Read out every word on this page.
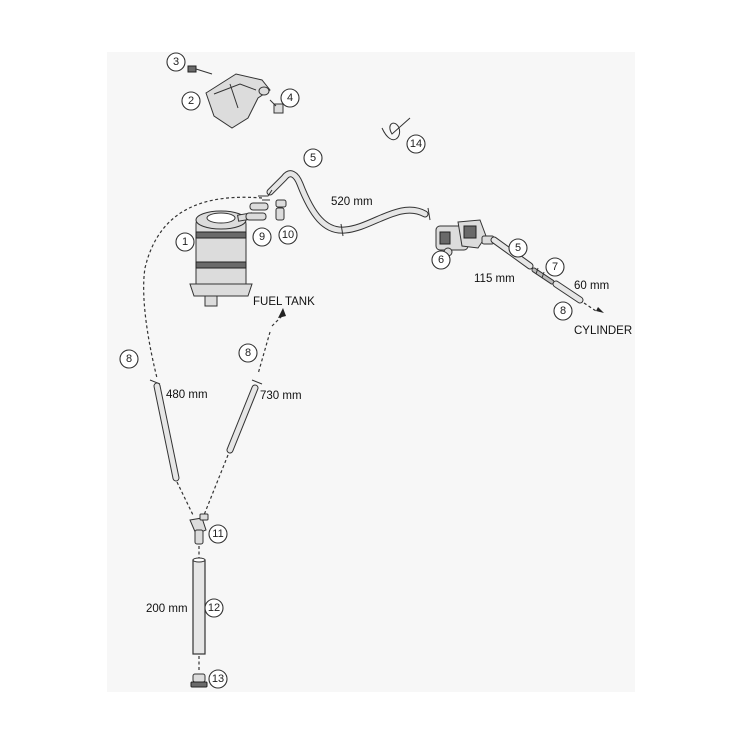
520 mm
115 mm
60 mm
480 mm	730 mm
200 mm
FUEL TANK
CYLINDER
3
2	4
14
5
1	9 10
6
5
7
8
8	8
11
12
13
